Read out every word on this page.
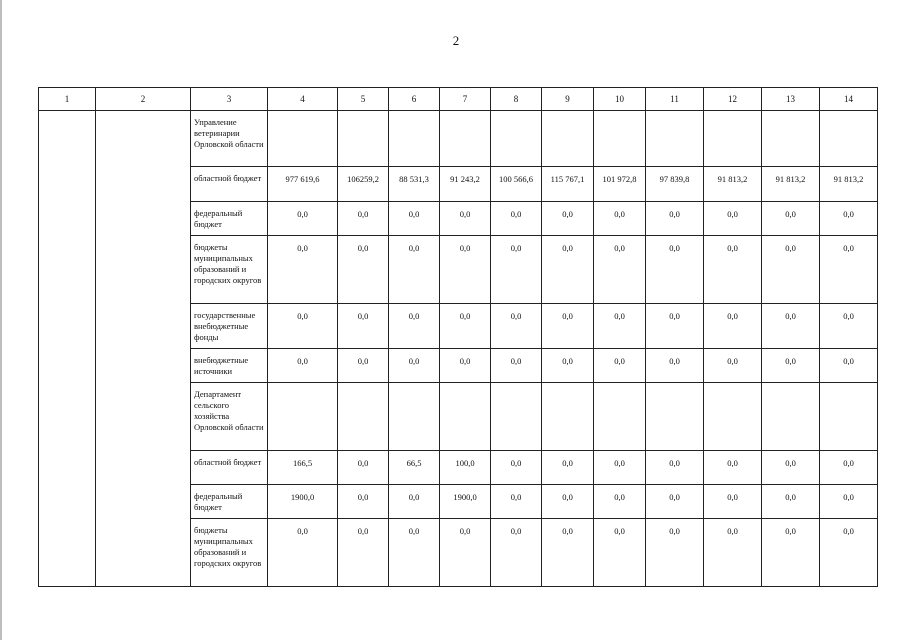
2
1	2	3	4	5	6	7	8	9	10	11	12	13	14
		Управление ветеринарии Орловской области											
		областной бюджет	977 619,6	106259,2	88 531,3	91 243,2	100 566,6	115 767,1	101 972,8	97 839,8	91 813,2	91 813,2	91 813,2
		федеральный бюджет	0,0	0,0	0,0	0,0	0,0	0,0	0,0	0,0	0,0	0,0	0,0
		бюджеты муниципальных образований и городских округов	0,0	0,0	0,0	0,0	0,0	0,0	0,0	0,0	0,0	0,0	0,0
		государственные внебюджетные фонды	0,0	0,0	0,0	0,0	0,0	0,0	0,0	0,0	0,0	0,0	0,0
		внебюджетные источники	0,0	0,0	0,0	0,0	0,0	0,0	0,0	0,0	0,0	0,0	0,0
		Департамент сельского хозяйства Орловской области											
		областной бюджет	166,5	0,0	66,5	100,0	0,0	0,0	0,0	0,0	0,0	0,0	0,0
		федеральный бюджет	1900,0	0,0	0,0	1900,0	0,0	0,0	0,0	0,0	0,0	0,0	0,0
		бюджеты муниципальных образований и городских округов	0,0	0,0	0,0	0,0	0,0	0,0	0,0	0,0	0,0	0,0	0,0
